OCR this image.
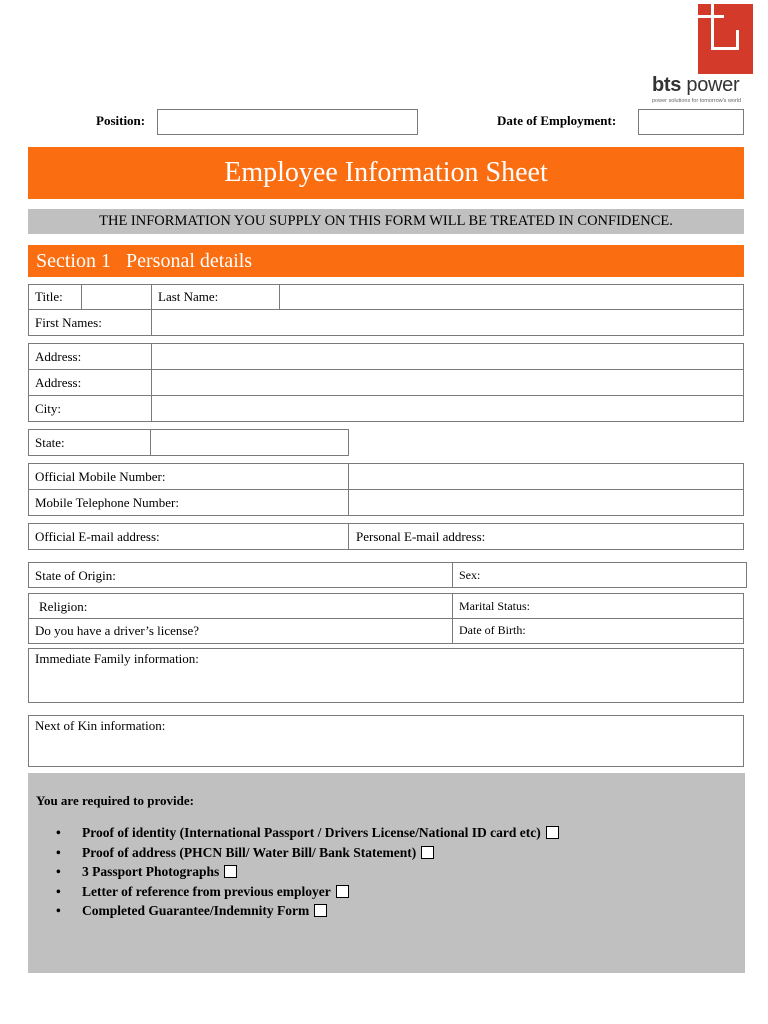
bts power
power solutions for tomorrow's world
Position:	Date of Employment:
Employee Information Sheet
THE INFORMATION YOU SUPPLY ON THIS FORM WILL BE TREATED IN CONFIDENCE.
Section 1 Personal details
Title:	Last Name:
First Names:
Address:
Address:
City:
State:
Official Mobile Number:
Mobile Telephone Number:
Official E-mail address:	Personal E-mail address:
State of Origin:	Sex:
Religion:	Marital Status:
Do you have a driver’s license?	Date of Birth:
Immediate Family information:
Next of Kin information:
You are required to provide:
• Proof of identity (International Passport / Drivers License/National ID card etc)
• Proof of address (PHCN Bill/ Water Bill/ Bank Statement)
• 3 Passport Photographs
• Letter of reference from previous employer
• Completed Guarantee/Indemnity Form
